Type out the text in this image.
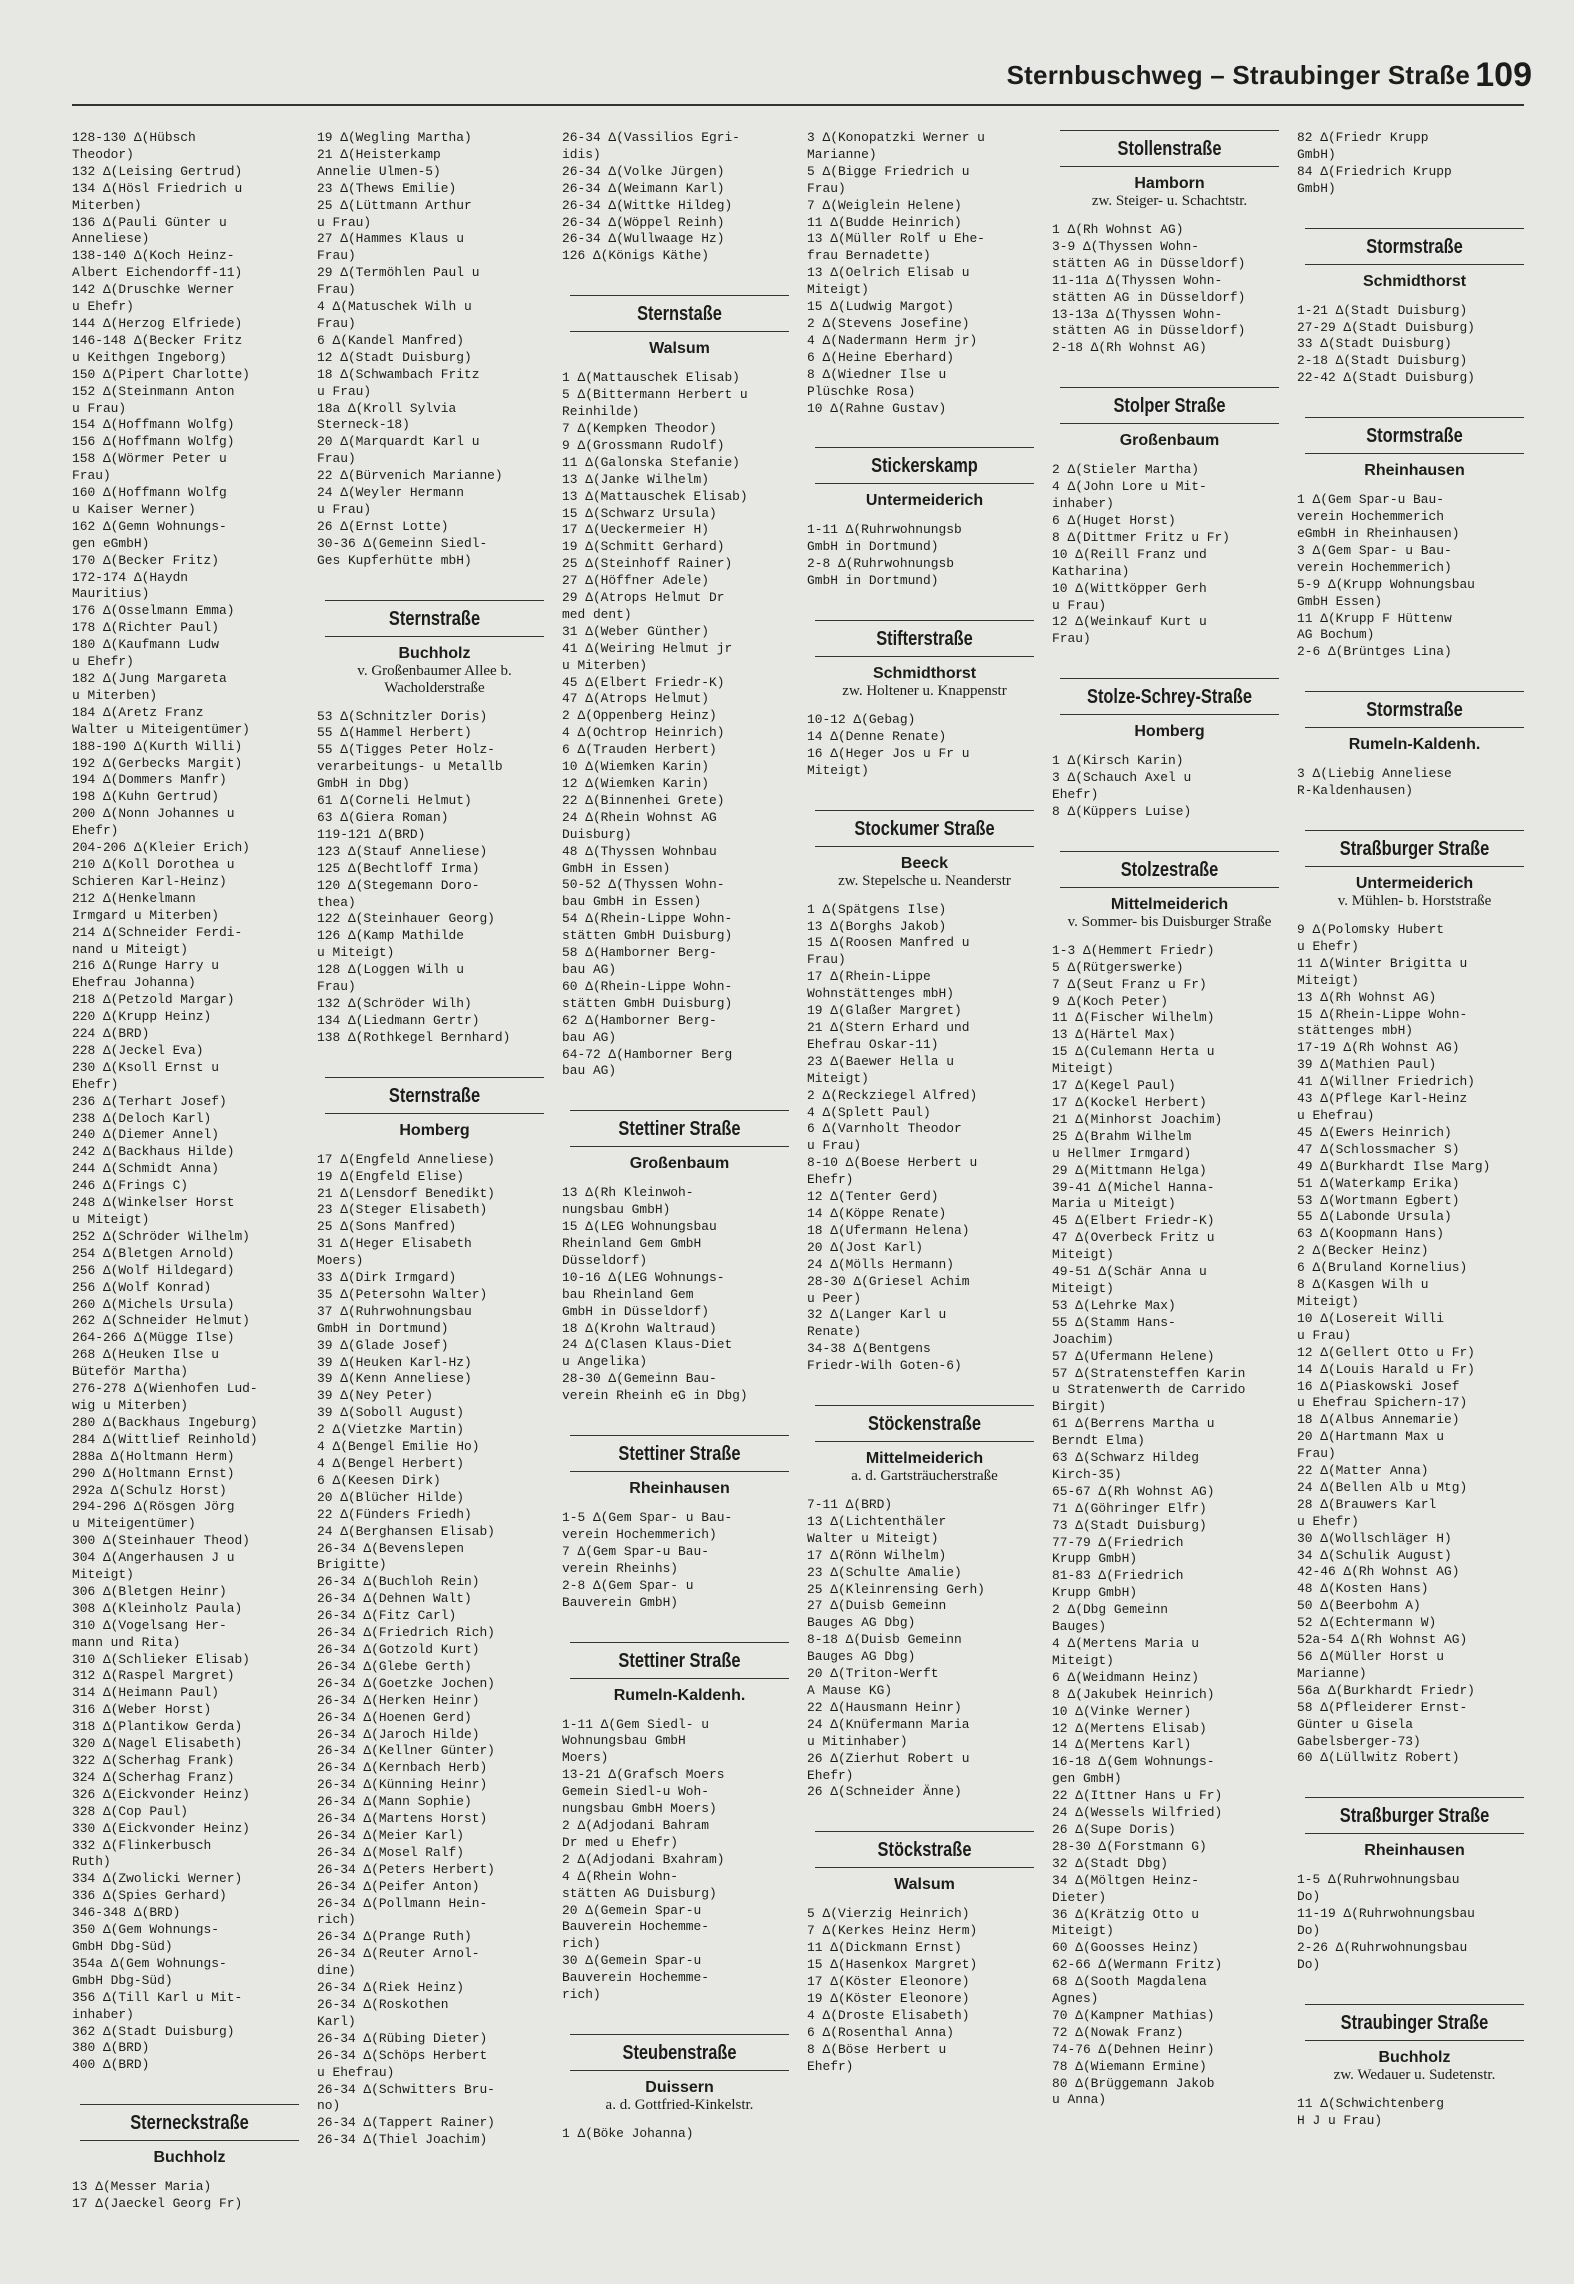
Sternbuschweg – Straubinger Straße 109
128-130 Δ(Hübsch
Theodor)
132 Δ(Leising Gertrud)
134 Δ(Hösl Friedrich u
Miterben)
136 Δ(Pauli Günter u
Anneliese)
138-140 Δ(Koch Heinz-
Albert Eichendorff-11)
142 Δ(Druschke Werner
u Ehefr)
144 Δ(Herzog Elfriede)
146-148 Δ(Becker Fritz
u Keithgen Ingeborg)
150 Δ(Pipert Charlotte)
152 Δ(Steinmann Anton
u Frau)
154 Δ(Hoffmann Wolfg)
156 Δ(Hoffmann Wolfg)
158 Δ(Wörmer Peter u
Frau)
160 Δ(Hoffmann Wolfg
u Kaiser Werner)
162 Δ(Gemn Wohnungs-
gen eGmbH)
170 Δ(Becker Fritz)
172-174 Δ(Haydn
Mauritius)
176 Δ(Osselmann Emma)
178 Δ(Richter Paul)
180 Δ(Kaufmann Ludw
u Ehefr)
182 Δ(Jung Margareta
u Miterben)
184 Δ(Aretz Franz
Walter u Miteigentümer)
188-190 Δ(Kurth Willi)
192 Δ(Gerbecks Margit)
194 Δ(Dommers Manfr)
198 Δ(Kuhn Gertrud)
200 Δ(Nonn Johannes u
Ehefr)
204-206 Δ(Kleier Erich)
210 Δ(Koll Dorothea u
Schieren Karl-Heinz)
212 Δ(Henkelmann
Irmgard u Miterben)
214 Δ(Schneider Ferdi-
nand u Miteigt)
216 Δ(Runge Harry u
Ehefrau Johanna)
218 Δ(Petzold Margar)
220 Δ(Krupp Heinz)
224 Δ(BRD)
228 Δ(Jeckel Eva)
230 Δ(Ksoll Ernst u
Ehefr)
236 Δ(Terhart Josef)
238 Δ(Deloch Karl)
240 Δ(Diemer Annel)
242 Δ(Backhaus Hilde)
244 Δ(Schmidt Anna)
246 Δ(Frings C)
248 Δ(Winkelser Horst
u Miteigt)
252 Δ(Schröder Wilhelm)
254 Δ(Bletgen Arnold)
256 Δ(Wolf Hildegard)
256 Δ(Wolf Konrad)
260 Δ(Michels Ursula)
262 Δ(Schneider Helmut)
264-266 Δ(Mügge Ilse)
268 Δ(Heuken Ilse u
Büteför Martha)
276-278 Δ(Wienhofen Lud-
wig u Miterben)
280 Δ(Backhaus Ingeburg)
284 Δ(Wittlief Reinhold)
288a Δ(Holtmann Herm)
290 Δ(Holtmann Ernst)
292a Δ(Schulz Horst)
294-296 Δ(Rösgen Jörg
u Miteigentümer)
300 Δ(Steinhauer Theod)
304 Δ(Angerhausen J u
Miteigt)
306 Δ(Bletgen Heinr)
308 Δ(Kleinholz Paula)
310 Δ(Vogelsang Her-
mann und Rita)
310 Δ(Schlieker Elisab)
312 Δ(Raspel Margret)
314 Δ(Heimann Paul)
316 Δ(Weber Horst)
318 Δ(Plantikow Gerda)
320 Δ(Nagel Elisabeth)
322 Δ(Scherhag Frank)
324 Δ(Scherhag Franz)
326 Δ(Eickvonder Heinz)
328 Δ(Cop Paul)
330 Δ(Eickvonder Heinz)
332 Δ(Flinkerbusch
Ruth)
334 Δ(Zwolicki Werner)
336 Δ(Spies Gerhard)
346-348 Δ(BRD)
350 Δ(Gem Wohnungs-
GmbH Dbg-Süd)
354a Δ(Gem Wohnungs-
GmbH Dbg-Süd)
356 Δ(Till Karl u Mit-
inhaber)
362 Δ(Stadt Duisburg)
380 Δ(BRD)
400 Δ(BRD)
Sterneckstraße
Buchholz
13 Δ(Messer Maria)
17 Δ(Jaeckel Georg Fr)
19 Δ(Wegling Martha)
21 Δ(Heisterkamp
Annelie Ulmen-5)
23 Δ(Thews Emilie)
25 Δ(Lüttmann Arthur
u Frau)
27 Δ(Hammes Klaus u
Frau)
29 Δ(Termöhlen Paul u
Frau)
4 Δ(Matuschek Wilh u
Frau)
6 Δ(Kandel Manfred)
12 Δ(Stadt Duisburg)
18 Δ(Schwambach Fritz
u Frau)
18a Δ(Kroll Sylvia
Sterneck-18)
20 Δ(Marquardt Karl u
Frau)
22 Δ(Bürvenich Marianne)
24 Δ(Weyler Hermann
u Frau)
26 Δ(Ernst Lotte)
30-36 Δ(Gemeinn Siedl-
Ges Kupferhütte mbH)
Sternstraße
Buchholz
v. Großenbaumer Allee b. Wacholderstraße
53 Δ(Schnitzler Doris)
55 Δ(Hammel Herbert)
55 Δ(Tigges Peter Holz-
verarbeitungs- u Metallb
GmbH in Dbg)
61 Δ(Corneli Helmut)
63 Δ(Giera Roman)
119-121 Δ(BRD)
123 Δ(Stauf Anneliese)
125 Δ(Bechtloff Irma)
120 Δ(Stegemann Doro-
thea)
122 Δ(Steinhauer Georg)
126 Δ(Kamp Mathilde
u Miteigt)
128 Δ(Loggen Wilh u
Frau)
132 Δ(Schröder Wilh)
134 Δ(Liedmann Gertr)
138 Δ(Rothkegel Bernhard)
Sternstraße
Homberg
17 Δ(Engfeld Anneliese)
19 Δ(Engfeld Elise)
21 Δ(Lensdorf Benedikt)
23 Δ(Steger Elisabeth)
25 Δ(Sons Manfred)
31 Δ(Heger Elisabeth
Moers)
33 Δ(Dirk Irmgard)
35 Δ(Petersohn Walter)
37 Δ(Ruhrwohnungsbau
GmbH in Dortmund)
39 Δ(Glade Josef)
39 Δ(Heuken Karl-Hz)
39 Δ(Kenn Anneliese)
39 Δ(Ney Peter)
39 Δ(Soboll August)
2 Δ(Vietzke Martin)
4 Δ(Bengel Emilie Ho)
4 Δ(Bengel Herbert)
6 Δ(Keesen Dirk)
20 Δ(Blücher Hilde)
22 Δ(Fünders Friedh)
24 Δ(Berghansen Elisab)
26-34 Δ(Bevenslepen
Brigitte)
26-34 Δ(Buchloh Rein)
26-34 Δ(Dehnen Walt)
26-34 Δ(Fitz Carl)
26-34 Δ(Friedrich Rich)
26-34 Δ(Gotzold Kurt)
26-34 Δ(Glebe Gerth)
26-34 Δ(Goetzke Jochen)
26-34 Δ(Herken Heinr)
26-34 Δ(Hoenen Gerd)
26-34 Δ(Jaroch Hilde)
26-34 Δ(Kellner Günter)
26-34 Δ(Kernbach Herb)
26-34 Δ(Künning Heinr)
26-34 Δ(Mann Sophie)
26-34 Δ(Martens Horst)
26-34 Δ(Meier Karl)
26-34 Δ(Mosel Ralf)
26-34 Δ(Peters Herbert)
26-34 Δ(Peifer Anton)
26-34 Δ(Pollmann Hein-
rich)
26-34 Δ(Prange Ruth)
26-34 Δ(Reuter Arnol-
dine)
26-34 Δ(Riek Heinz)
26-34 Δ(Roskothen
Karl)
26-34 Δ(Rübing Dieter)
26-34 Δ(Schöps Herbert
u Ehefrau)
26-34 Δ(Schwitters Bru-
no)
26-34 Δ(Tappert Rainer)
26-34 Δ(Thiel Joachim)
26-34 Δ(Vassilios Egri-
idis)
26-34 Δ(Volke Jürgen)
26-34 Δ(Weimann Karl)
26-34 Δ(Wittke Hildeg)
26-34 Δ(Wöppel Reinh)
26-34 Δ(Wullwaage Hz)
126 Δ(Königs Käthe)
Sternstaße
Walsum
1 Δ(Mattauschek Elisab)
5 Δ(Bittermann Herbert u
Reinhilde)
7 Δ(Kempken Theodor)
9 Δ(Grossmann Rudolf)
11 Δ(Galonska Stefanie)
13 Δ(Janke Wilhelm)
13 Δ(Mattauschek Elisab)
15 Δ(Schwarz Ursula)
17 Δ(Ueckermeier H)
19 Δ(Schmitt Gerhard)
25 Δ(Steinhoff Rainer)
27 Δ(Höffner Adele)
29 Δ(Atrops Helmut Dr
med dent)
31 Δ(Weber Günther)
41 Δ(Weiring Helmut jr
u Miterben)
45 Δ(Elbert Friedr-K)
47 Δ(Atrops Helmut)
2 Δ(Oppenberg Heinz)
4 Δ(Ochtrop Heinrich)
6 Δ(Trauden Herbert)
10 Δ(Wiemken Karin)
12 Δ(Wiemken Karin)
22 Δ(Binnenhei Grete)
24 Δ(Rhein Wohnst AG
Duisburg)
48 Δ(Thyssen Wohnbau
GmbH in Essen)
50-52 Δ(Thyssen Wohn-
bau GmbH in Essen)
54 Δ(Rhein-Lippe Wohn-
stätten GmbH Duisburg)
58 Δ(Hamborner Berg-
bau AG)
60 Δ(Rhein-Lippe Wohn-
stätten GmbH Duisburg)
62 Δ(Hamborner Berg-
bau AG)
64-72 Δ(Hamborner Berg
bau AG)
Stettiner Straße
Großenbaum
13 Δ(Rh Kleinwoh-
nungsbau GmbH)
15 Δ(LEG Wohnungsbau
Rheinland Gem GmbH
Düsseldorf)
10-16 Δ(LEG Wohnungs-
bau Rheinland Gem
GmbH in Düsseldorf)
18 Δ(Krohn Waltraud)
24 Δ(Clasen Klaus-Diet
u Angelika)
28-30 Δ(Gemeinn Bau-
verein Rheinh eG in Dbg)
Stettiner Straße
Rheinhausen
1-5 Δ(Gem Spar- u Bau-
verein Hochemmerich)
7 Δ(Gem Spar-u Bau-
verein Rheinhs)
2-8 Δ(Gem Spar- u
Bauverein GmbH)
Stettiner Straße
Rumeln-Kaldenh.
1-11 Δ(Gem Siedl- u
Wohnungsbau GmbH
Moers)
13-21 Δ(Grafsch Moers
Gemein Siedl-u Woh-
nungsbau GmbH Moers)
2 Δ(Adjodani Bahram
Dr med u Ehefr)
2 Δ(Adjodani Bxahram)
4 Δ(Rhein Wohn-
stätten AG Duisburg)
20 Δ(Gemein Spar-u
Bauverein Hochemme-
rich)
30 Δ(Gemein Spar-u
Bauverein Hochemme-
rich)
Steubenstraße
Duissern
a. d. Gottfried-Kinkelstr.
1 Δ(Böke Johanna)
3 Δ(Konopatzki Werner u
Marianne)
5 Δ(Bigge Friedrich u
Frau)
7 Δ(Weiglein Helene)
11 Δ(Budde Heinrich)
13 Δ(Müller Rolf u Ehe-
frau Bernadette)
13 Δ(Oelrich Elisab u
Miteigt)
15 Δ(Ludwig Margot)
2 Δ(Stevens Josefine)
4 Δ(Nadermann Herm jr)
6 Δ(Heine Eberhard)
8 Δ(Wiedner Ilse u
Plüschke Rosa)
10 Δ(Rahne Gustav)
Stickerskamp
Untermeiderich
1-11 Δ(Ruhrwohnungsb
GmbH in Dortmund)
2-8 Δ(Ruhrwohnungsb
GmbH in Dortmund)
Stifterstraße
Schmidthorst
zw. Holtener u. Knappenstr
10-12 Δ(Gebag)
14 Δ(Denne Renate)
16 Δ(Heger Jos u Fr u
Miteigt)
Stockumer Straße
Beeck
zw. Stepelsche u. Neanderstr
1 Δ(Spätgens Ilse)
13 Δ(Borghs Jakob)
15 Δ(Roosen Manfred u
Frau)
17 Δ(Rhein-Lippe
Wohnstättenges mbH)
19 Δ(Glaßer Margret)
21 Δ(Stern Erhard und
Ehefrau Oskar-11)
23 Δ(Baewer Hella u
Miteigt)
2 Δ(Reckziegel Alfred)
4 Δ(Splett Paul)
6 Δ(Varnholt Theodor
u Frau)
8-10 Δ(Boese Herbert u
Ehefr)
12 Δ(Tenter Gerd)
14 Δ(Köppe Renate)
18 Δ(Ufermann Helena)
20 Δ(Jost Karl)
24 Δ(Mölls Hermann)
28-30 Δ(Griesel Achim
u Peer)
32 Δ(Langer Karl u
Renate)
34-38 Δ(Bentgens
Friedr-Wilh Goten-6)
Stöckenstraße
Mittelmeiderich
a. d. Gartsträucherstraße
7-11 Δ(BRD)
13 Δ(Lichtenthäler
Walter u Miteigt)
17 Δ(Rönn Wilhelm)
23 Δ(Schulte Amalie)
25 Δ(Kleinrensing Gerh)
27 Δ(Duisb Gemeinn
Bauges AG Dbg)
8-18 Δ(Duisb Gemeinn
Bauges AG Dbg)
20 Δ(Triton-Werft
A Mause KG)
22 Δ(Hausmann Heinr)
24 Δ(Knüfermann Maria
u Mitinhaber)
26 Δ(Zierhut Robert u
Ehefr)
26 Δ(Schneider Änne)
Stöckstraße
Walsum
5 Δ(Vierzig Heinrich)
7 Δ(Kerkes Heinz Herm)
11 Δ(Dickmann Ernst)
15 Δ(Hasenkox Margret)
17 Δ(Köster Eleonore)
19 Δ(Köster Eleonore)
4 Δ(Droste Elisabeth)
6 Δ(Rosenthal Anna)
8 Δ(Böse Herbert u
Ehefr)
Stollenstraße
Hamborn
zw. Steiger- u. Schachtstr.
1 Δ(Rh Wohnst AG)
3-9 Δ(Thyssen Wohn-
stätten AG in Düsseldorf)
11-11a Δ(Thyssen Wohn-
stätten AG in Düsseldorf)
13-13a Δ(Thyssen Wohn-
stätten AG in Düsseldorf)
2-18 Δ(Rh Wohnst AG)
Stolper Straße
Großenbaum
2 Δ(Stieler Martha)
4 Δ(John Lore u Mit-
inhaber)
6 Δ(Huget Horst)
8 Δ(Dittmer Fritz u Fr)
10 Δ(Reill Franz und
Katharina)
10 Δ(Wittköpper Gerh
u Frau)
12 Δ(Weinkauf Kurt u
Frau)
Stolze-Schrey-Straße
Homberg
1 Δ(Kirsch Karin)
3 Δ(Schauch Axel u
Ehefr)
8 Δ(Küppers Luise)
Stolzestraße
Mittelmeiderich
v. Sommer- bis Duisburger Straße
1-3 Δ(Hemmert Friedr)
5 Δ(Rütgerswerke)
7 Δ(Seut Franz u Fr)
9 Δ(Koch Peter)
11 Δ(Fischer Wilhelm)
13 Δ(Härtel Max)
15 Δ(Culemann Herta u
Miteigt)
17 Δ(Kegel Paul)
17 Δ(Kockel Herbert)
21 Δ(Minhorst Joachim)
25 Δ(Brahm Wilhelm
u Hellmer Irmgard)
29 Δ(Mittmann Helga)
39-41 Δ(Michel Hanna-
Maria u Miteigt)
45 Δ(Elbert Friedr-K)
47 Δ(Overbeck Fritz u
Miteigt)
49-51 Δ(Schär Anna u
Miteigt)
53 Δ(Lehrke Max)
55 Δ(Stamm Hans-
Joachim)
57 Δ(Ufermann Helene)
57 Δ(Stratensteffen Karin
u Stratenwerth de Carrido
Birgit)
61 Δ(Berrens Martha u
Berndt Elma)
63 Δ(Schwarz Hildeg
Kirch-35)
65-67 Δ(Rh Wohnst AG)
71 Δ(Göhringer Elfr)
73 Δ(Stadt Duisburg)
77-79 Δ(Friedrich
Krupp GmbH)
81-83 Δ(Friedrich
Krupp GmbH)
2 Δ(Dbg Gemeinn
Bauges)
4 Δ(Mertens Maria u
Miteigt)
6 Δ(Weidmann Heinz)
8 Δ(Jakubek Heinrich)
10 Δ(Vinke Werner)
12 Δ(Mertens Elisab)
14 Δ(Mertens Karl)
16-18 Δ(Gem Wohnungs-
gen GmbH)
22 Δ(Ittner Hans u Fr)
24 Δ(Wessels Wilfried)
26 Δ(Supe Doris)
28-30 Δ(Forstmann G)
32 Δ(Stadt Dbg)
34 Δ(Möltgen Heinz-
Dieter)
36 Δ(Krätzig Otto u
Miteigt)
60 Δ(Goosses Heinz)
62-66 Δ(Wermann Fritz)
68 Δ(Sooth Magdalena
Agnes)
70 Δ(Kampner Mathias)
72 Δ(Nowak Franz)
74-76 Δ(Dehnen Heinr)
78 Δ(Wiemann Ermine)
80 Δ(Brüggemann Jakob
u Anna)
82 Δ(Friedr Krupp
GmbH)
84 Δ(Friedrich Krupp
GmbH)
Stormstraße
Schmidthorst
1-21 Δ(Stadt Duisburg)
27-29 Δ(Stadt Duisburg)
33 Δ(Stadt Duisburg)
2-18 Δ(Stadt Duisburg)
22-42 Δ(Stadt Duisburg)
Stormstraße
Rheinhausen
1 Δ(Gem Spar-u Bau-
verein Hochemmerich
eGmbH in Rheinhausen)
3 Δ(Gem Spar- u Bau-
verein Hochemmerich)
5-9 Δ(Krupp Wohnungsbau
GmbH Essen)
11 Δ(Krupp F Hüttenw
AG Bochum)
2-6 Δ(Brüntges Lina)
Stormstraße
Rumeln-Kaldenh.
3 Δ(Liebig Anneliese
R-Kaldenhausen)
Straßburger Straße
Untermeiderich
v. Mühlen- b. Horststraße
9 Δ(Polomsky Hubert
u Ehefr)
11 Δ(Winter Brigitta u
Miteigt)
13 Δ(Rh Wohnst AG)
15 Δ(Rhein-Lippe Wohn-
stättenges mbH)
17-19 Δ(Rh Wohnst AG)
39 Δ(Mathien Paul)
41 Δ(Willner Friedrich)
43 Δ(Pflege Karl-Heinz
u Ehefrau)
45 Δ(Ewers Heinrich)
47 Δ(Schlossmacher S)
49 Δ(Burkhardt Ilse Marg)
51 Δ(Waterkamp Erika)
53 Δ(Wortmann Egbert)
55 Δ(Labonde Ursula)
63 Δ(Koopmann Hans)
2 Δ(Becker Heinz)
6 Δ(Bruland Kornelius)
8 Δ(Kasgen Wilh u
Miteigt)
10 Δ(Losereit Willi
u Frau)
12 Δ(Gellert Otto u Fr)
14 Δ(Louis Harald u Fr)
16 Δ(Piaskowski Josef
u Ehefrau Spichern-17)
18 Δ(Albus Annemarie)
20 Δ(Hartmann Max u
Frau)
22 Δ(Matter Anna)
24 Δ(Bellen Alb u Mtg)
28 Δ(Brauwers Karl
u Ehefr)
30 Δ(Wollschläger H)
34 Δ(Schulik August)
42-46 Δ(Rh Wohnst AG)
48 Δ(Kosten Hans)
50 Δ(Beerbohm A)
52 Δ(Echtermann W)
52a-54 Δ(Rh Wohnst AG)
56 Δ(Müller Horst u
Marianne)
56a Δ(Burkhardt Friedr)
58 Δ(Pfleiderer Ernst-
Günter u Gisela
Gabelsberger-73)
60 Δ(Lüllwitz Robert)
Straßburger Straße
Rheinhausen
1-5 Δ(Ruhrwohnungsbau
Do)
11-19 Δ(Ruhrwohnungsbau
Do)
2-26 Δ(Ruhrwohnungsbau
Do)
Straubinger Straße
Buchholz
zw. Wedauer u. Sudetenstr.
11 Δ(Schwichtenberg
H J u Frau)
